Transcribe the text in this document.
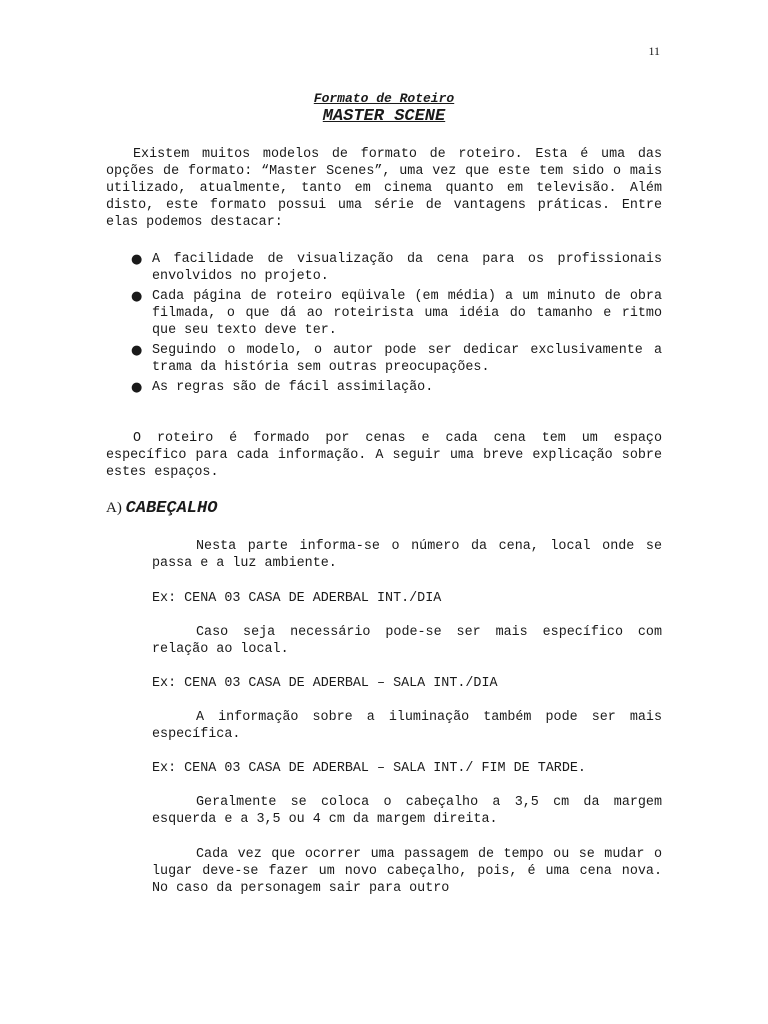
11
Formato de Roteiro
MASTER SCENE

Existem muitos modelos de formato de roteiro. Esta é uma das opções de formato: “Master Scenes”, uma vez que este tem sido o mais utilizado, atualmente, tanto em cinema quanto em televisão. Além disto, este formato possui uma série de vantagens práticas. Entre elas podemos destacar:

● A facilidade de visualização da cena para os profissionais envolvidos no projeto.
● Cada página de roteiro eqüivale (em média) a um minuto de obra filmada, o que dá ao roteirista uma idéia do tamanho e ritmo que seu texto deve ter.
● Seguindo o modelo, o autor pode ser dedicar exclusivamente a trama da história sem outras preocupações.
● As regras são de fácil assimilação.

O roteiro é formado por cenas e cada cena tem um espaço específico para cada informação. A seguir uma breve explicação sobre estes espaços.

A) CABEÇALHO

Nesta parte informa-se o número da cena, local onde se passa e a luz ambiente.

Ex: CENA 03 CASA DE ADERBAL INT./DIA

Caso seja necessário pode-se ser mais específico com relação ao local.

Ex: CENA 03 CASA DE ADERBAL – SALA INT./DIA

A informação sobre a iluminação também pode ser mais específica.

Ex: CENA 03 CASA DE ADERBAL – SALA INT./ FIM DE TARDE.

Geralmente se coloca o cabeçalho a 3,5 cm da margem esquerda e a 3,5 ou 4 cm da margem direita.

Cada vez que ocorrer uma passagem de tempo ou se mudar o lugar deve-se fazer um novo cabeçalho, pois, é uma cena nova. No caso da personagem sair para outro
